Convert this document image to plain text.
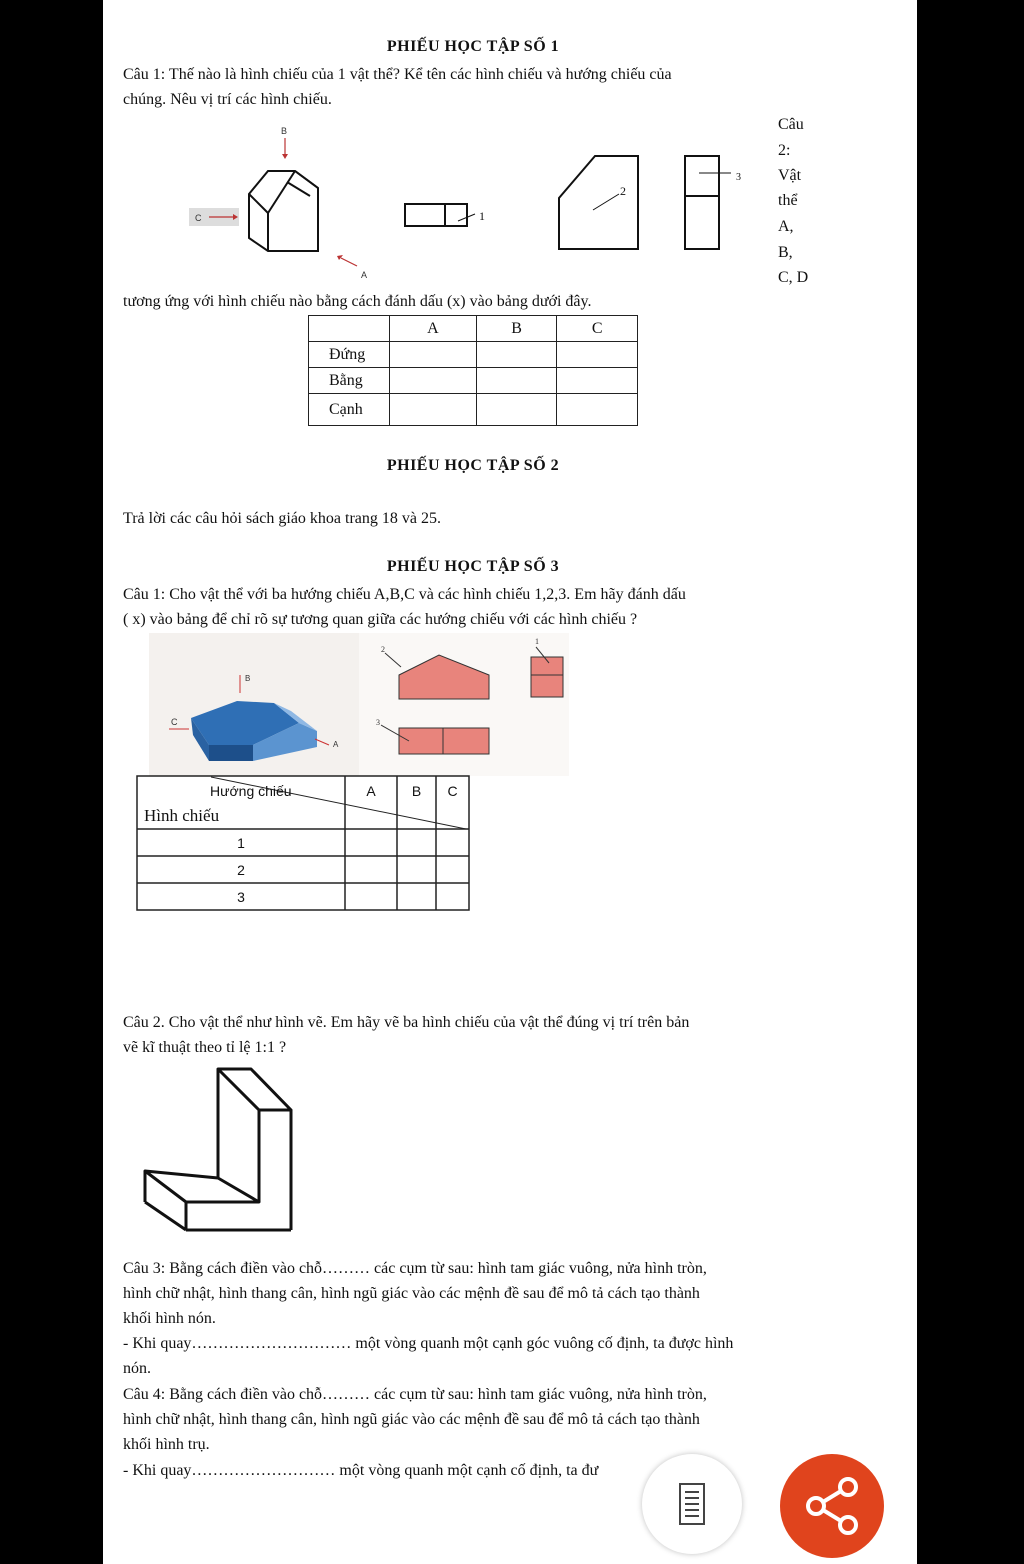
PHIẾU HỌC TẬP SỐ 1
Câu 1: Thế nào là hình chiếu của 1 vật thể? Kể tên các hình chiếu và hướng chiếu của
chúng. Nêu vị trí các hình chiếu.
B
C
A
1
2
3
Câu
2:
Vật
thể
A,
B,
C, D
tương ứng với hình chiếu nào bằng cách đánh dấu (x) vào bảng dưới đây.
	A	B	C
Đứng			
Bằng			
Cạnh			
PHIẾU HỌC TẬP SỐ 2
Trả lời các câu hỏi sách giáo khoa trang 18 và 25.
PHIẾU HỌC TẬP SỐ 3
Câu 1: Cho vật thể với ba hướng chiếu A,B,C và các hình chiếu 1,2,3. Em hãy đánh dấu
( x) vào bảng để chỉ rõ sự tương quan giữa các hướng chiếu với các hình chiếu ?
B
C
A
2
1
3
Hướng chiếu
Hình chiếu
A	B	C
1
2
3
Câu 2. Cho vật thể như hình vẽ. Em hãy vẽ ba hình chiếu của vật thể đúng vị trí trên bản
vẽ kĩ thuật theo tỉ lệ 1:1 ?
Câu 3: Bằng cách điền vào chỗ……… các cụm từ sau: hình tam giác vuông, nửa hình tròn,
hình chữ nhật, hình thang cân, hình ngũ giác vào các mệnh đề sau để mô tả cách tạo thành
khối hình nón.
- Khi quay………………………… một vòng quanh một cạnh góc vuông cố định, ta được hình
nón.
Câu 4: Bằng cách điền vào chỗ……… các cụm từ sau: hình tam giác vuông, nửa hình tròn,
hình chữ nhật, hình thang cân, hình ngũ giác vào các mệnh đề sau để mô tả cách tạo thành
khối hình trụ.
- Khi quay……………………… một vòng quanh một cạnh cố định, ta đư
